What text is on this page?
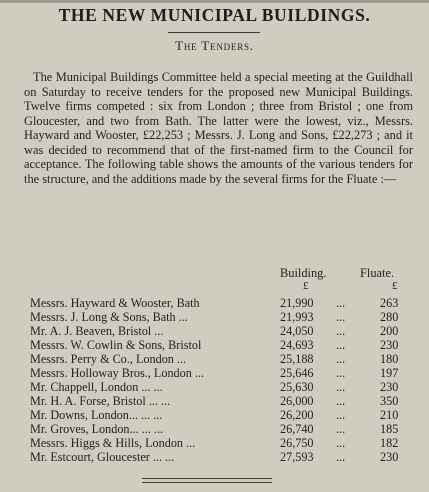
THE NEW MUNICIPAL BUILDINGS.
The Tenders.

The Municipal Buildings Committee held a special meeting at the Guildhall on Saturday to receive tenders for the proposed new Municipal Buildings. Twelve firms competed : six from London ; three from Bristol ; one from Gloucester, and two from Bath. The latter were the lowest, viz., Messrs. Hayward and Wooster, £22,253 ; Messrs. J. Long and Sons, £22,273 ; and it was decided to recommend that of the first-named firm to the Council for acceptance. The following table shows the amounts of the various tenders for the structure, and the additions made by the several firms for the Fluate :—

Building.	Fluate.
£	£
Messrs. Hayward & Wooster, Bath	21,990 ...	263
Messrs. J. Long & Sons, Bath ...	21,993 ...	280
Mr. A. J. Beaven, Bristol ...	24,050 ...	200
Messrs. W. Cowlin & Sons, Bristol	24,693 ...	230
Messrs. Perry & Co., London ...	25,188 ...	180
Messrs. Holloway Bros., London ...	25,646 ...	197
Mr. Chappell, London ... ...	25,630 ...	230
Mr. H. A. Forse, Bristol ... ...	26,000 ...	350
Mr. Downs, London... ... ...	26,200 ...	210
Mr. Groves, London... ... ...	26,740 ...	185
Messrs. Higgs & Hills, London ...	26,750 ...	182
Mr. Estcourt, Gloucester ... ...	27,593 ...	230
